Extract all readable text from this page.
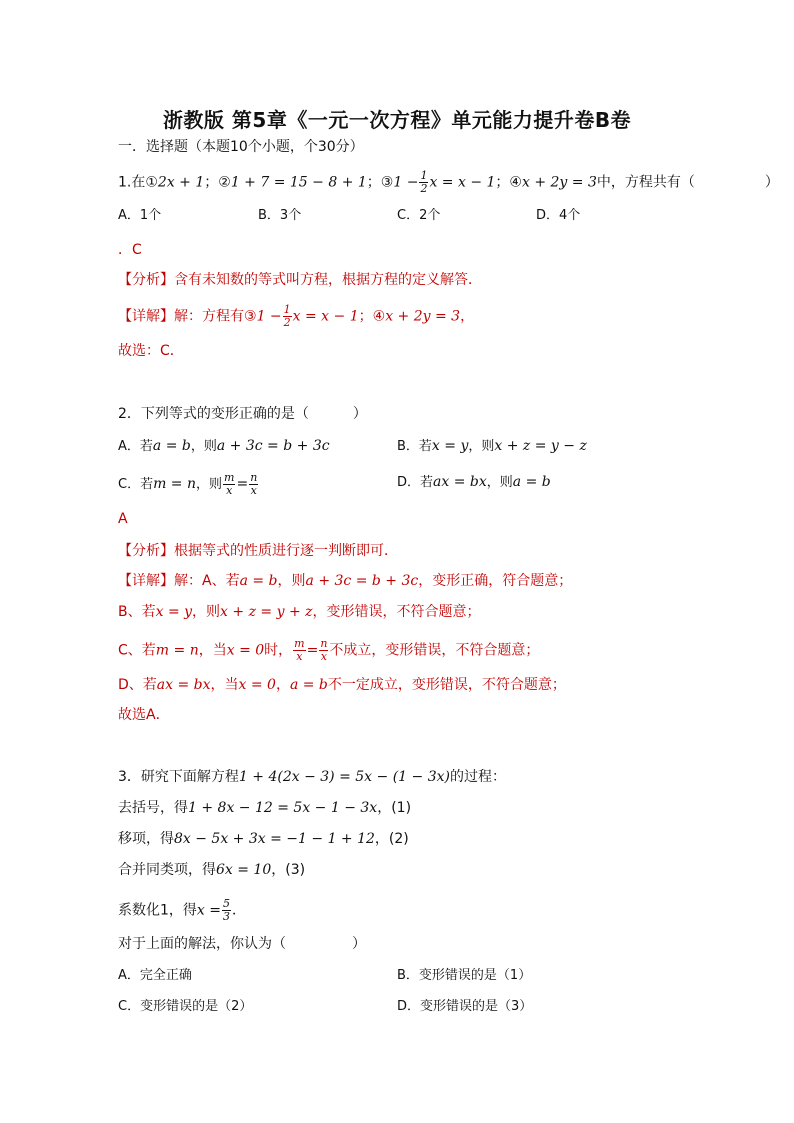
浙教版 第5章《一元一次方程》单元能力提升卷B卷
一．选择题（本题10个小题，个30分）
1.在①2x + 1；②1 + 7 = 15 − 8 + 1；③1 − $\frac{1}{2}$ x = x − 1；④x + 2y = 3中，方程共有（	）
A．1个	B．3个	C．2个	D．4个
．C
【分析】含有未知数的等式叫方程，根据方程的定义解答．
【详解】解：方程有③1 − $\frac{1}{2}$ x = x − 1；④x + 2y = 3，
故选：C．
2．下列等式的变形正确的是（	）
A．若a = b，则a + 3c = b + 3c	B．若x = y，则x + z = y − z
C．若m = n，则 $\frac{m}{x} = \frac{n}{x}$	D．若ax = bx，则a = b
A
【分析】根据等式的性质进行逐一判断即可．
【详解】解：A、若a = b，则a + 3c = b + 3c，变形正确，符合题意；
B、若x = y，则x + z = y + z，变形错误，不符合题意；
C、若m = n，当x = 0时， $\frac{m}{x} = \frac{n}{x}$ 不成立，变形错误，不符合题意；
D、若ax = bx，当x = 0，a = b不一定成立，变形错误，不符合题意；
故选A．
3．研究下面解方程1 + 4(2x − 3) = 5x − (1 − 3x)的过程：
去括号，得1 + 8x − 12 = 5x − 1 − 3x，(1)
移项，得8x − 5x + 3x = −1 − 1 + 12，(2)
合并同类项，得6x = 10，(3)
系数化1，得$x = \frac{5}{3}$ ．
对于上面的解法，你认为（	）
A．完全正确	B．变形错误的是（1）
C．变形错误的是（2）	D．变形错误的是（3）
